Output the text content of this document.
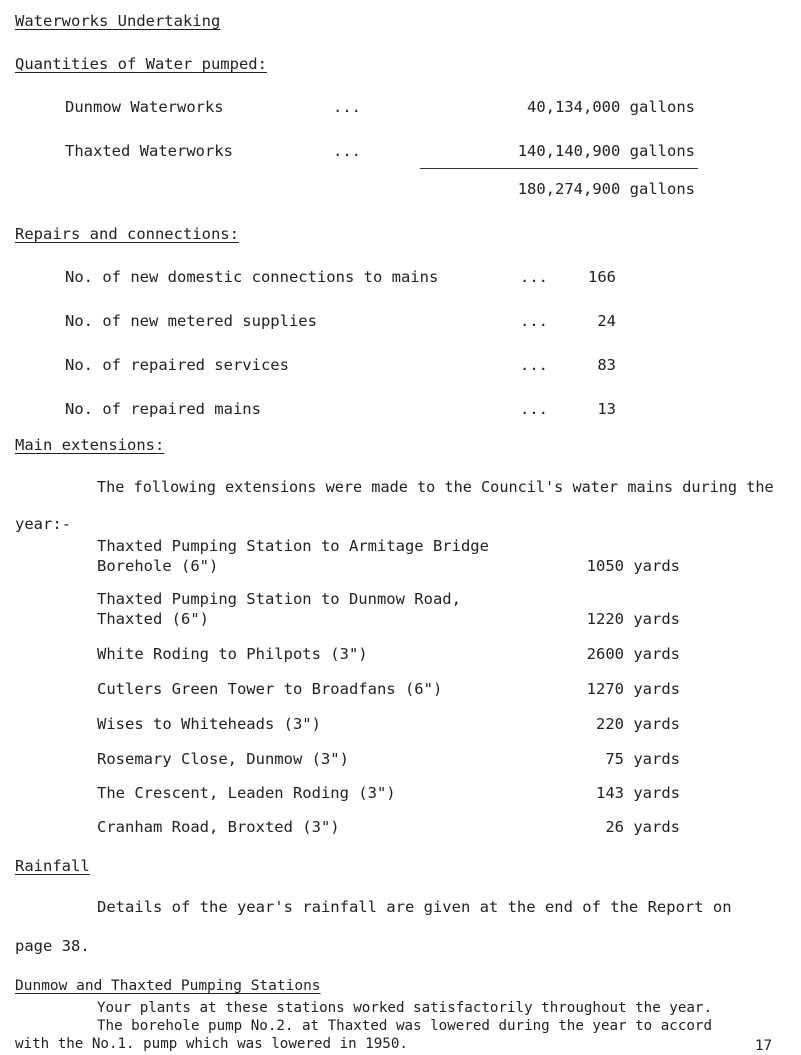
Waterworks Undertaking
Quantities of Water pumped:
Dunmow Waterworks	...	40,134,000 gallons
Thaxted Waterworks	...	140,140,900 gallons
180,274,900 gallons
Repairs and connections:
No. of new domestic connections to mains	...	166
No. of new metered supplies	...	24
No. of repaired services	...	83
No. of repaired mains	...	13
Main extensions:
The following extensions were made to the Council's water mains during the
year:-
Thaxted Pumping Station to Armitage Bridge
Borehole (6")	1050 yards
Thaxted Pumping Station to Dunmow Road,
Thaxted (6")	1220 yards
White Roding to Philpots (3")	2600 yards
Cutlers Green Tower to Broadfans (6")	1270 yards
Wises to Whiteheads (3")	220 yards
Rosemary Close, Dunmow (3")	75 yards
The Crescent, Leaden Roding (3")	143 yards
Cranham Road, Broxted (3")	26 yards
Rainfall
Details of the year's rainfall are given at the end of the Report on
page 38.
Dunmow and Thaxted Pumping Stations
Your plants at these stations worked satisfactorily throughout the year.
The borehole pump No.2. at Thaxted was lowered during the year to accord
with the No.1. pump which was lowered in 1950.	17
